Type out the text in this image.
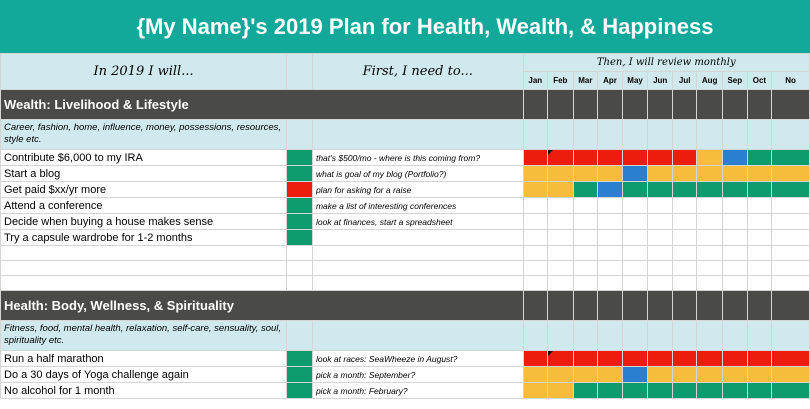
{My Name}'s 2019 Plan for Health, Wealth, & Happiness
In 2019 I will...		First, I need to...	Then, I will review monthly										
			Jan	Feb	Mar	Apr	May	Jun	Jul	Aug	Sep	Oct	No
Wealth: Livelihood & Lifestyle													
Career, fashion, home, influence, money, possessions, resources, style etc.													
Contribute $6,000 to my IRA		that's $500/mo - where is this coming from?											
Start a blog		what is goal of my blog (Portfolio?)											
Get paid $xx/yr more		plan for asking for a raise											
Attend a conference		make a list of interesting conferences											
Decide when buying a house makes sense		look at finances, start a spreadsheet											
Try a capsule wardrobe for 1-2 months													

Health: Body, Wellness, & Spirituality													
Fitness, food, mental health, relaxation, self-care, sensuality, soul, spirituality etc.													
Run a half marathon		look at races: SeaWheeze in August?											
Do a 30 days of Yoga challenge again		pick a month: September?											
No alcohol for 1 month		pick a month: February?											
